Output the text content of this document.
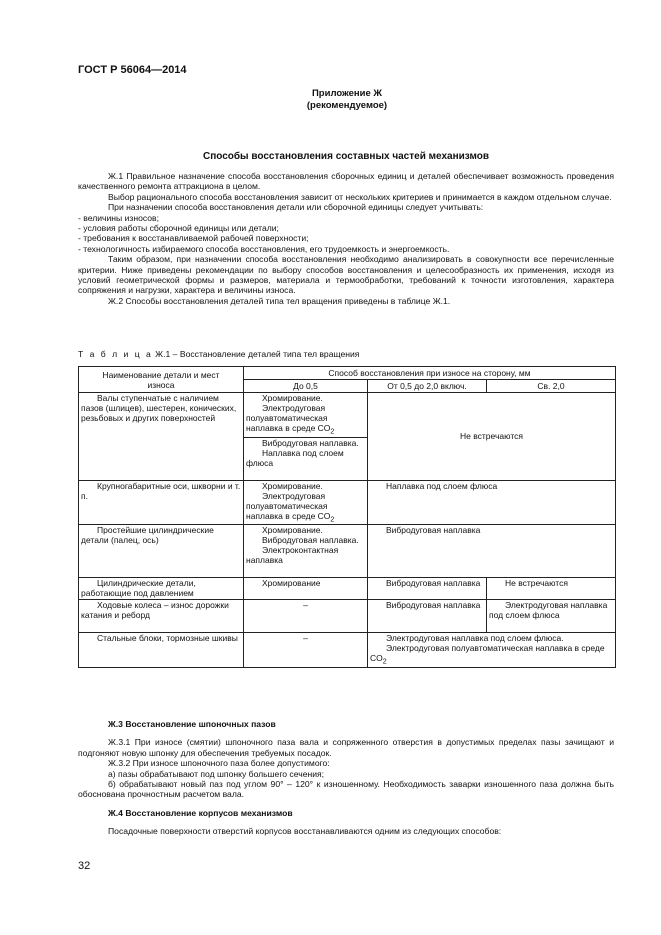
ГОСТ Р 56064—2014
Приложение Ж
(рекомендуемое)
Способы восстановления составных частей механизмов

Ж.1 Правильное назначение способа восстановления сборочных единиц и деталей обеспечивает возможность проведения качественного ремонта аттракциона в целом.

Выбор рационального способа восстановления зависит от нескольких критериев и принимается в каждом отдельном случае.

При назначении способа восстановления детали или сборочной единицы следует учитывать:

- величины износов;

- условия работы сборочной единицы или детали;

- требования к восстанавливаемой рабочей поверхности;

- технологичность избираемого способа восстановления, его трудоемкость и энергоемкость.

Таким образом, при назначении способа восстановления необходимо анализировать в совокупности все перечисленные критерии. Ниже приведены рекомендации по выбору способов восстановления и целесообразность их применения, исходя из условий геометрической формы и размеров, материала и термообработки, требований к точности изготовления, характера сопряжения и нагрузки, характера и величины износа.

Ж.2 Способы восстановления деталей типа тел вращения приведены в таблице Ж.1.

Т а б л и ц а Ж.1 – Восстановление деталей типа тел вращения
Наименование детали и мест износа	Способ восстановления при износе на сторону, мм		
	До 0,5	От 0,5 до 2,0 включ.	Св. 2,0

Валы ступенчатые с наличием пазов (шлицев), шестерен, конических, резьбовых и других поверхностей	Хромирование.
Электродуговая полуавтоматическая наплавка в среде $CO_2$	Не встречаются	

	Вибродуговая наплавка.
Наплавка под слоем флюса		

Крупногабаритные оси, шкворни и т. п.	Хромирование.
Электродуговая полуавтоматическая наплавка в среде $CO_2$	Наплавка под слоем флюса	

Простейшие цилиндрические детали (палец, ось)	Хромирование.
Вибродуговая наплавка.
Электроконтактная наплавка	Вибродуговая наплавка	

Цилиндрические детали, работающие под давлением	Хромирование	Вибродуговая наплавка	Не встречаются

Ходовые колеса – износ дорожки катания и реборд	–	Вибродуговая наплавка	Электродуговая наплавка под слоем флюса

Стальные блоки, тормозные шкивы	–	Электродуговая наплавка под слоем флюса.
Электродуговая полуавтоматическая наплавка в среде $CO_2$

Ж.3 Восстановление шпоночных пазов

Ж.3.1 При износе (смятии) шпоночного паза вала и сопряженного отверстия в допустимых пределах пазы зачищают и подгоняют новую шпонку для обеспечения требуемых посадок.

Ж.3.2 При износе шпоночного паза более допустимого:

а) пазы обрабатывают под шпонку большего сечения;

б) обрабатывают новый паз под углом 90° – 120° к изношенному. Необходимость заварки изношенного паза должна быть обоснована прочностным расчетом вала.

Ж.4 Восстановление корпусов механизмов

Посадочные поверхности отверстий корпусов восстанавливаются одним из следующих способов:

32
